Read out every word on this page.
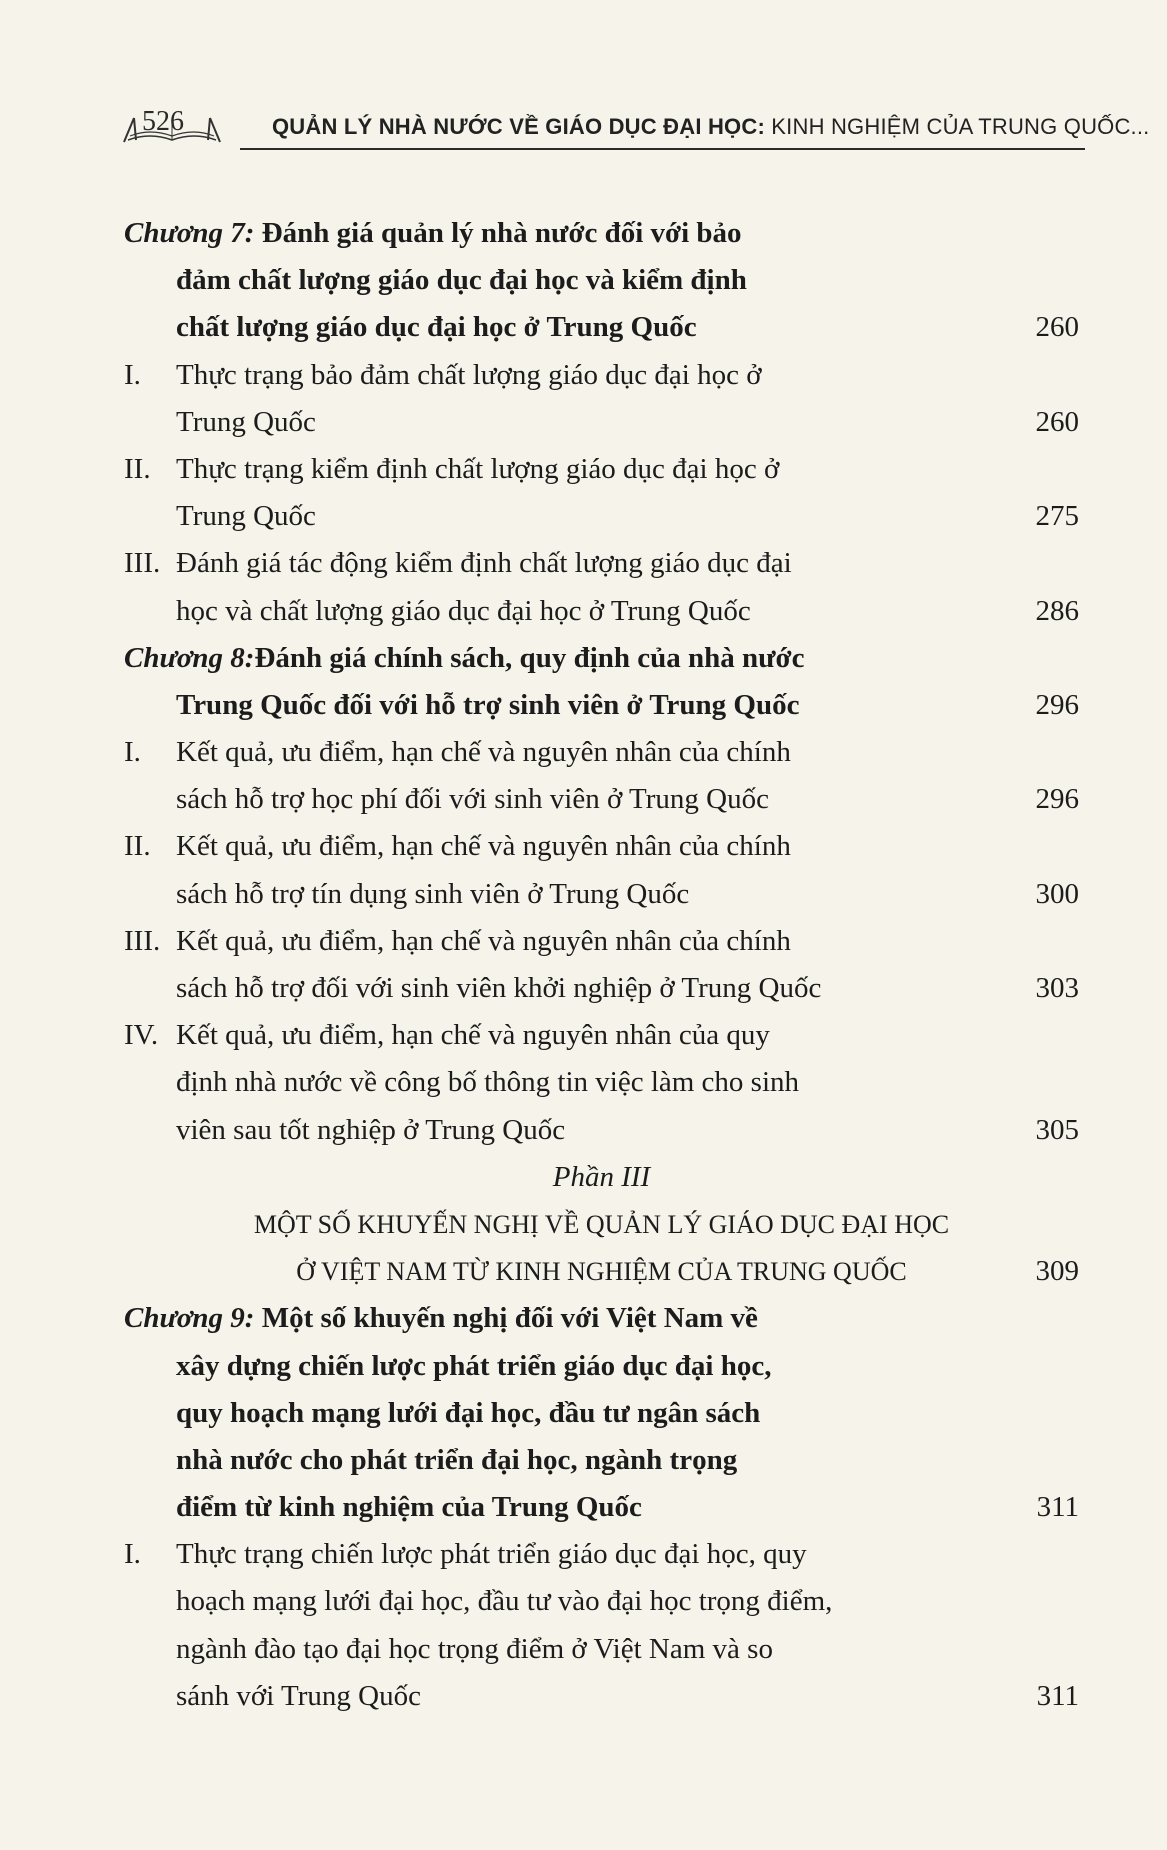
526	QUẢN LÝ NHÀ NƯỚC VỀ GIÁO DỤC ĐẠI HỌC: KINH NGHIỆM CỦA TRUNG QUỐC...
Chương 7: Đánh giá quản lý nhà nước đối với bảo
đảm chất lượng giáo dục đại học và kiểm định
chất lượng giáo dục đại học ở Trung Quốc	260
I. Thực trạng bảo đảm chất lượng giáo dục đại học ở
Trung Quốc	260
II. Thực trạng kiểm định chất lượng giáo dục đại học ở
Trung Quốc	275
III. Đánh giá tác động kiểm định chất lượng giáo dục đại
học và chất lượng giáo dục đại học ở Trung Quốc	286
Chương 8:Đánh giá chính sách, quy định của nhà nước
Trung Quốc đối với hỗ trợ sinh viên ở Trung Quốc	296
I. Kết quả, ưu điểm, hạn chế và nguyên nhân của chính
sách hỗ trợ học phí đối với sinh viên ở Trung Quốc	296
II. Kết quả, ưu điểm, hạn chế và nguyên nhân của chính
sách hỗ trợ tín dụng sinh viên ở Trung Quốc	300
III. Kết quả, ưu điểm, hạn chế và nguyên nhân của chính
sách hỗ trợ đối với sinh viên khởi nghiệp ở Trung Quốc	303
IV. Kết quả, ưu điểm, hạn chế và nguyên nhân của quy
định nhà nước về công bố thông tin việc làm cho sinh
viên sau tốt nghiệp ở Trung Quốc	305
Phần III
MỘT SỐ KHUYẾN NGHỊ VỀ QUẢN LÝ GIÁO DỤC ĐẠI HỌC
Ở VIỆT NAM TỪ KINH NGHIỆM CỦA TRUNG QUỐC	309
Chương 9: Một số khuyến nghị đối với Việt Nam về
xây dựng chiến lược phát triển giáo dục đại học,
quy hoạch mạng lưới đại học, đầu tư ngân sách
nhà nước cho phát triển đại học, ngành trọng
điểm từ kinh nghiệm của Trung Quốc	311
I. Thực trạng chiến lược phát triển giáo dục đại học, quy
hoạch mạng lưới đại học, đầu tư vào đại học trọng điểm,
ngành đào tạo đại học trọng điểm ở Việt Nam và so
sánh với Trung Quốc	311
